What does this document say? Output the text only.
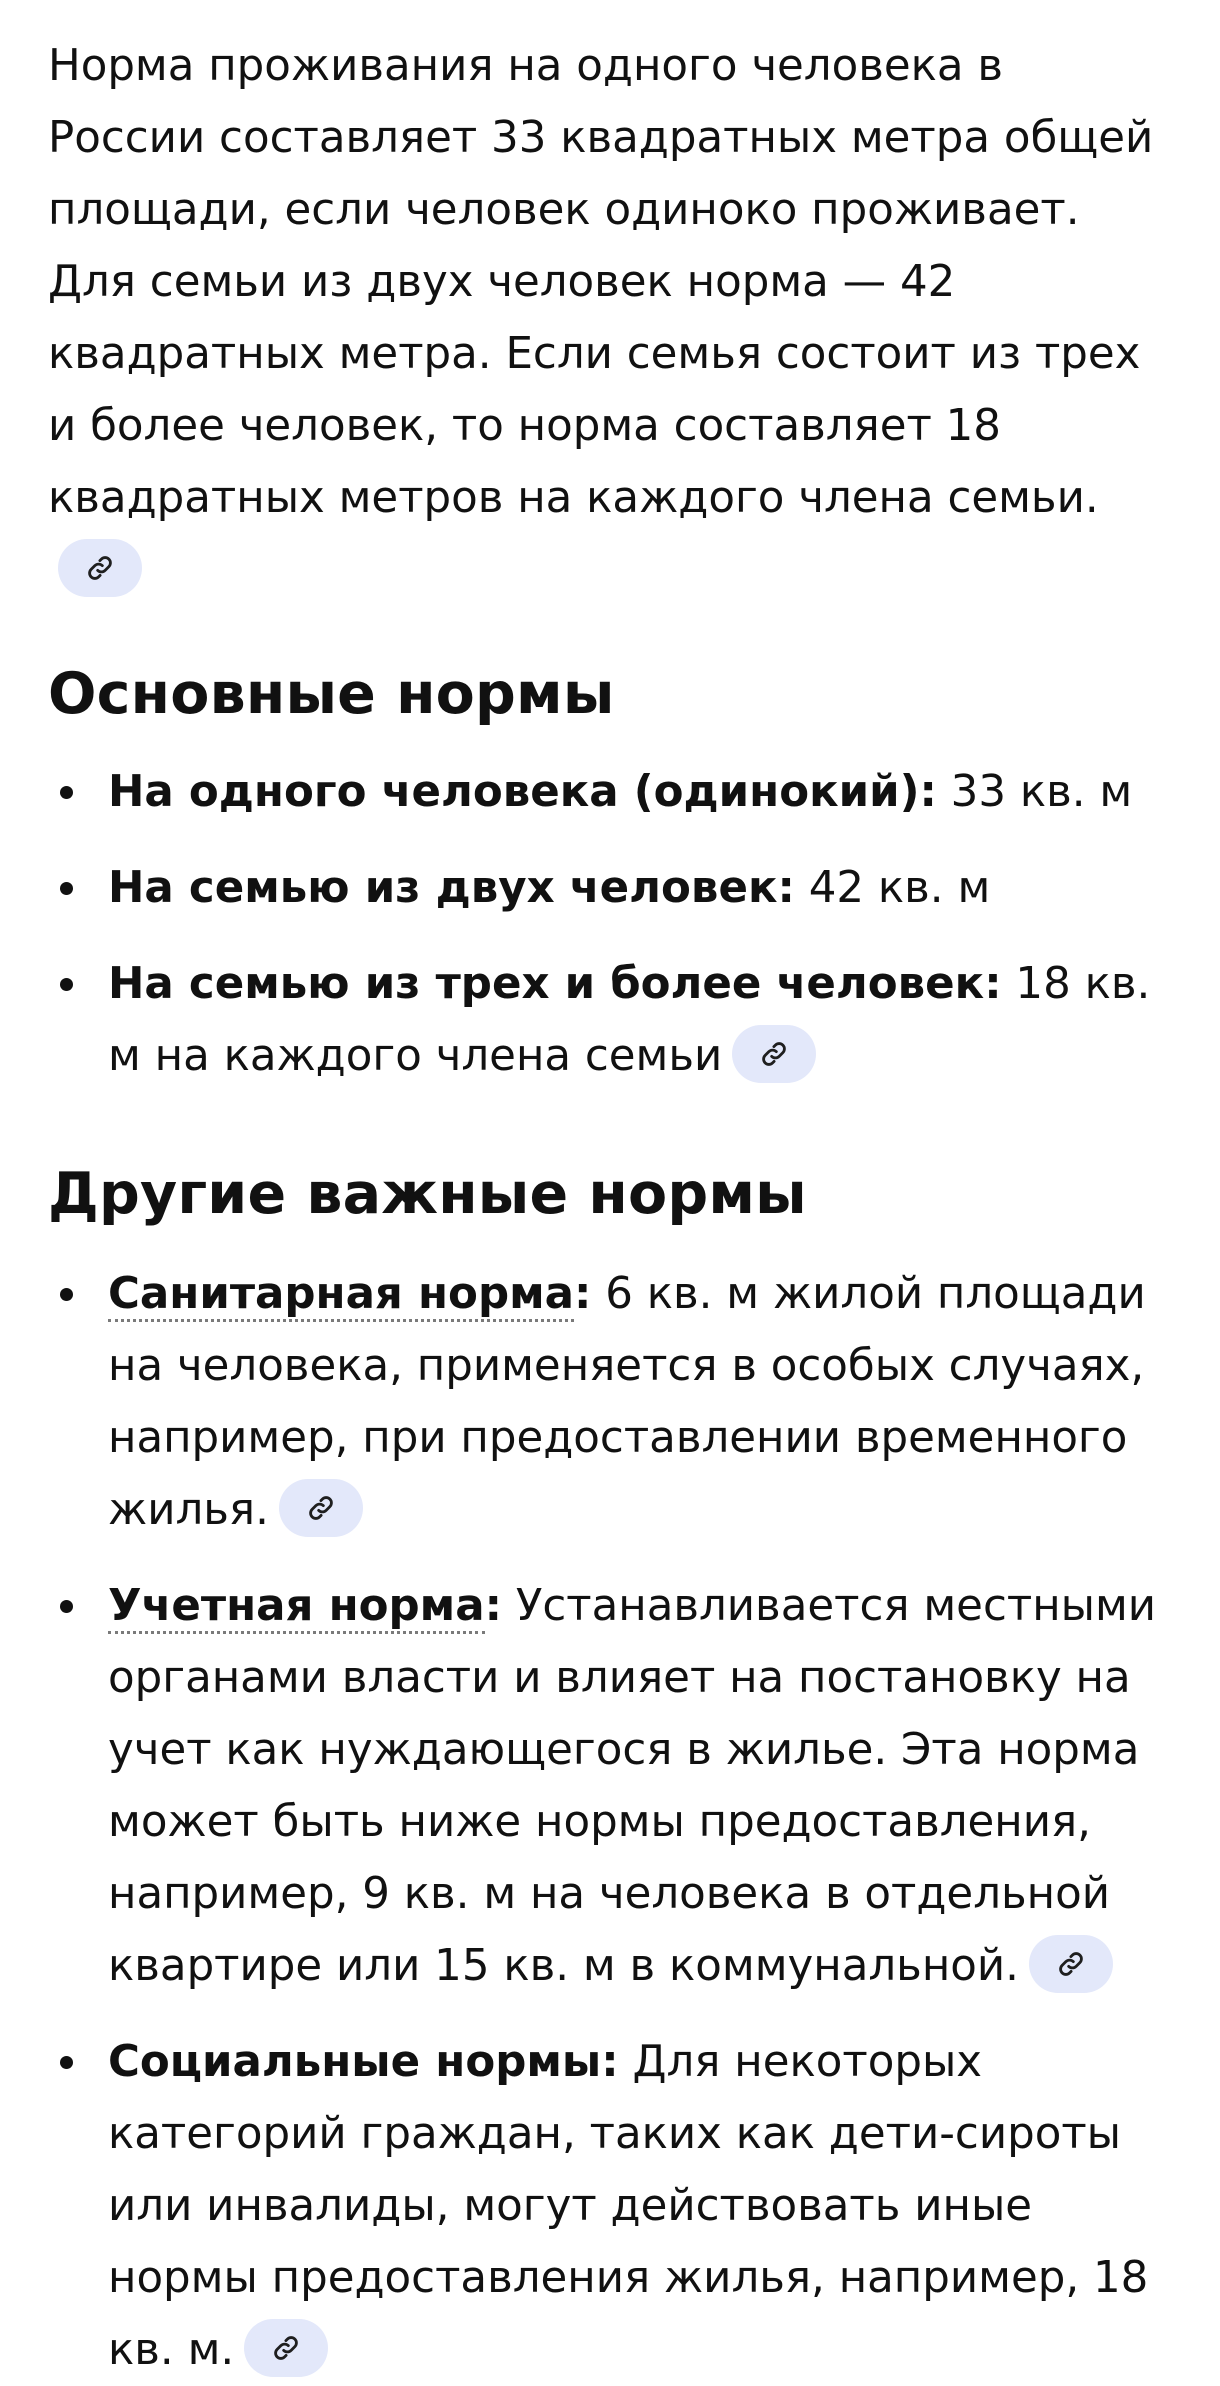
Норма проживания на одного человека в России составляет 33 квадратных метра общей площади, если человек одиноко проживает. Для семьи из двух человек норма — 42 квадратных метра. Если семья состоит из трех и более человек, то норма составляет 18 квадратных метров на каждого члена семьи.

Основные нормы
На одного человека (одинокий): 33 кв. м
На семью из двух человек: 42 кв. м
На семью из трех и более человек: 18 кв. м на каждого члена семьи
Другие важные нормы
Санитарная норма: 6 кв. м жилой площади на человека, применяется в особых случаях, например, при предоставлении временного жилья.
Учетная норма: Устанавливается местными органами власти и влияет на постановку на учет как нуждающегося в жилье. Эта норма может быть ниже нормы предоставления, например, 9 кв. м на человека в отдельной квартире или 15 кв. м в коммунальной.
Социальные нормы: Для некоторых категорий граждан, таких как дети-сироты или инвалиды, могут действовать иные нормы предоставления жилья, например, 18 кв. м.
